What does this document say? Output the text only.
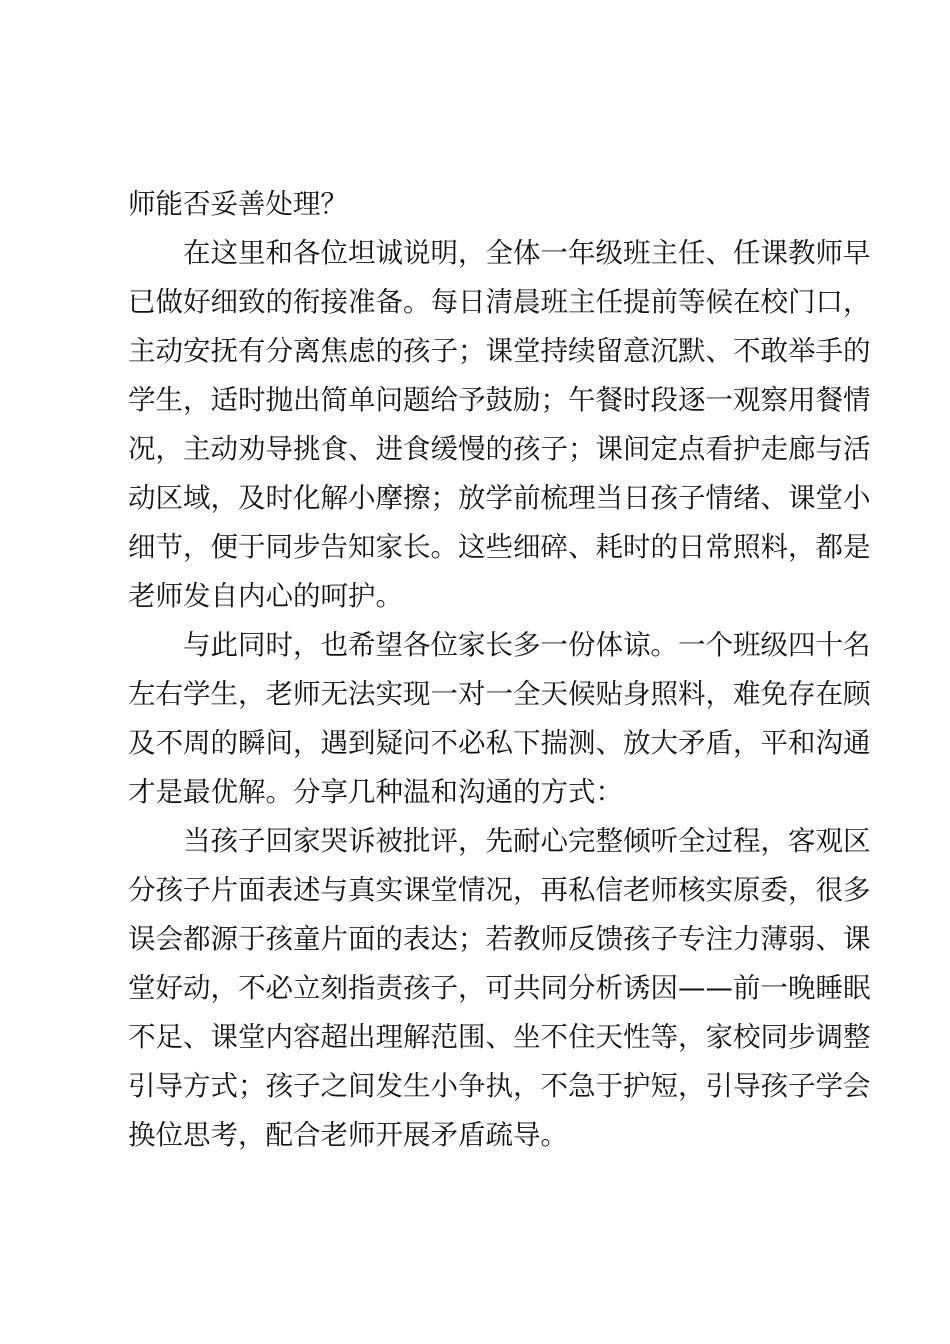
师能否妥善处理？
在这里和各位坦诚说明，全体一年级班主任、任课教师早
已做好细致的衔接准备。每日清晨班主任提前等候在校门口，
主动安抚有分离焦虑的孩子；课堂持续留意沉默、不敢举手的
学生，适时抛出简单问题给予鼓励；午餐时段逐一观察用餐情
况，主动劝导挑食、进食缓慢的孩子；课间定点看护走廊与活
动区域，及时化解小摩擦；放学前梳理当日孩子情绪、课堂小
细节，便于同步告知家长。这些细碎、耗时的日常照料，都是
老师发自内心的呵护。
与此同时，也希望各位家长多一份体谅。一个班级四十名
左右学生，老师无法实现一对一全天候贴身照料，难免存在顾
及不周的瞬间，遇到疑问不必私下揣测、放大矛盾，平和沟通
才是最优解。分享几种温和沟通的方式：
当孩子回家哭诉被批评，先耐心完整倾听全过程，客观区
分孩子片面表述与真实课堂情况，再私信老师核实原委，很多
误会都源于孩童片面的表达；若教师反馈孩子专注力薄弱、课
堂好动，不必立刻指责孩子，可共同分析诱因——前一晚睡眠
不足、课堂内容超出理解范围、坐不住天性等，家校同步调整
引导方式；孩子之间发生小争执，不急于护短，引导孩子学会
换位思考，配合老师开展矛盾疏导。
